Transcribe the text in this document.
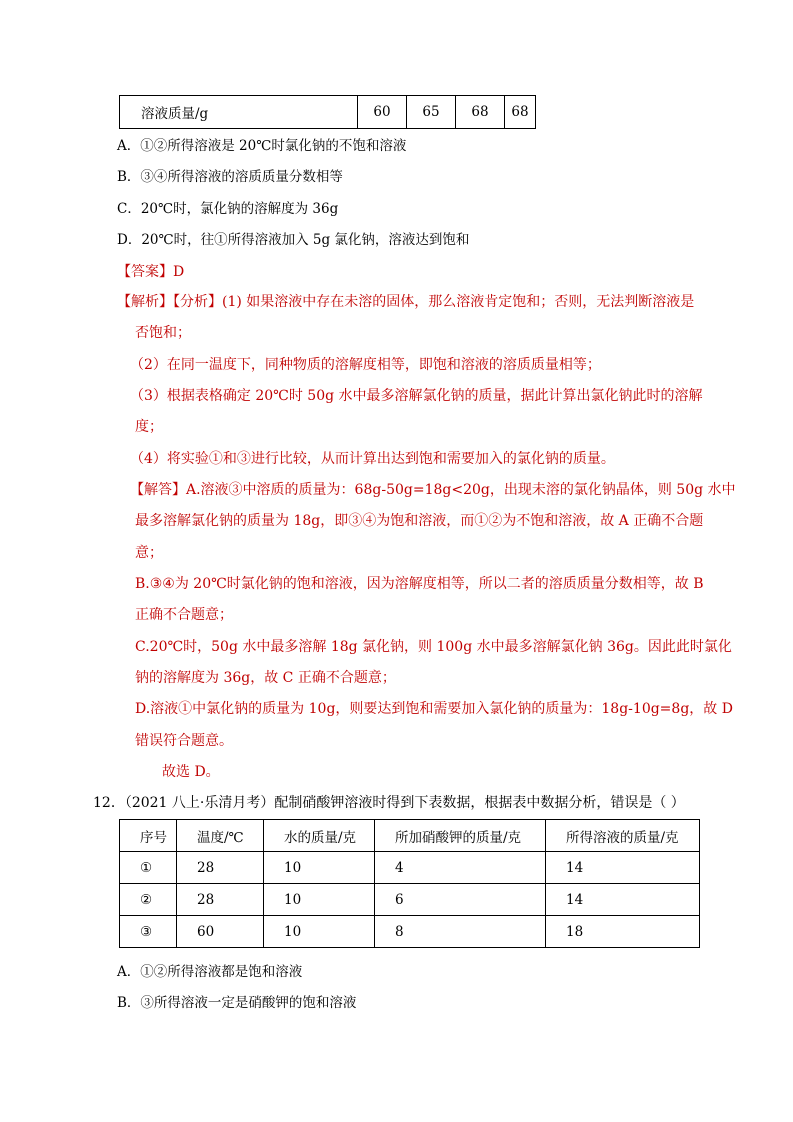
溶液质量/g	60	65	68	68
A．①②所得溶液是 20℃时氯化钠的不饱和溶液
B．③④所得溶液的溶质质量分数相等
C．20℃时，氯化钠的溶解度为 36g
D．20℃时，往①所得溶液加入 5g 氯化钠，溶液达到饱和
【答案】D
【解析】【分析】(1) 如果溶液中存在未溶的固体，那么溶液肯定饱和；否则，无法判断溶液是
否饱和；
（2）在同一温度下，同种物质的溶解度相等，即饱和溶液的溶质质量相等；
（3）根据表格确定 20℃时 50g 水中最多溶解氯化钠的质量，据此计算出氯化钠此时的溶解
度；
（4）将实验①和③进行比较，从而计算出达到饱和需要加入的氯化钠的质量。
【解答】A.溶液③中溶质的质量为：68g-50g=18g<20g，出现未溶的氯化钠晶体，则 50g 水中
最多溶解氯化钠的质量为 18g，即③④为饱和溶液，而①②为不饱和溶液，故 A 正确不合题
意；
B.③④为 20℃时氯化钠的饱和溶液，因为溶解度相等，所以二者的溶质质量分数相等，故 B
正确不合题意；
C.20℃时，50g 水中最多溶解 18g 氯化钠，则 100g 水中最多溶解氯化钠 36g。因此此时氯化
钠的溶解度为 36g，故 C 正确不合题意；
D.溶液①中氯化钠的质量为 10g，则要达到饱和需要加入氯化钠的质量为：18g-10g=8g，故 D
错误符合题意。
故选 D。
12．（2021 八上·乐清月考）配制硝酸钾溶液时得到下表数据，根据表中数据分析，错误是（ ）
序号	温度/℃	水的质量/克	所加硝酸钾的质量/克	所得溶液的质量/克
①	28	10	4	14
②	28	10	6	14
③	60	10	8	18
A．①②所得溶液都是饱和溶液
B．③所得溶液一定是硝酸钾的饱和溶液
